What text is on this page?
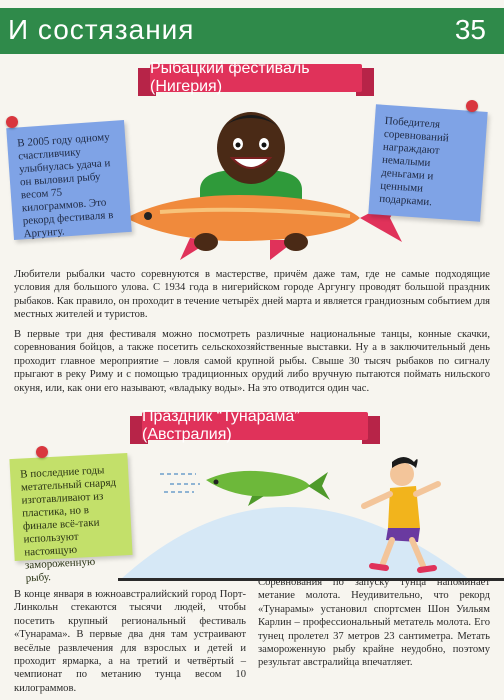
И состязания	35
Рыбацкий фестиваль (Нигерия)
В 2005 году одному счастливчику улыбнулась удача и он выловил рыбу весом 75 килограммов. Это рекорд фестиваля в Аргунгу.
Победителя соревнований награждают немалыми деньгами и ценными подарками.
Любители рыбалки часто соревнуются в мастерстве, причём даже там, где не самые подходящие условия для большого улова. С 1934 года в нигерийском городе Аргунгу проводят большой праздник рыбаков. Как правило, он проходит в течение четырёх дней марта и является грандиозным событием для местных жителей и туристов.
В первые три дня фестиваля можно посмотреть различные национальные танцы, конные скачки, соревнования бойцов, а также посетить сельскохозяйственные выставки. Ну а в заключительный день проходит главное мероприятие – ловля самой крупной рыбы. Свыше 30 тысяч рыбаков по сигналу прыгают в реку Риму и с помощью традиционных орудий либо вручную пытаются поймать нильского окуня, или, как они его называют, «владыку воды». На это отводится один час.
Праздник “Тунарама” (Австралия)
В последние годы метательный снаряд изготавливают из пластика, но в финале всё-таки используют настоящую замороженную рыбу.
В конце января в южноавстралийский город Порт-Линкольн стекаются тысячи людей, чтобы посетить крупный региональный фестиваль «Тунарама». В первые два дня там устраивают весёлые развлечения для взрослых и детей и проходит ярмарка, а на третий и четвёртый – чемпионат по метанию тунца весом 10 килограммов.
Соревнования по запуску тунца напоминает метание молота. Неудивительно, что рекорд «Тунарамы» установил спортсмен Шон Уильям Карлин – профессиональный метатель молота. Его тунец пролетел 37 метров 23 сантиметра. Метать замороженную рыбу крайне неудобно, поэтому результат австралийца впечатляет.
